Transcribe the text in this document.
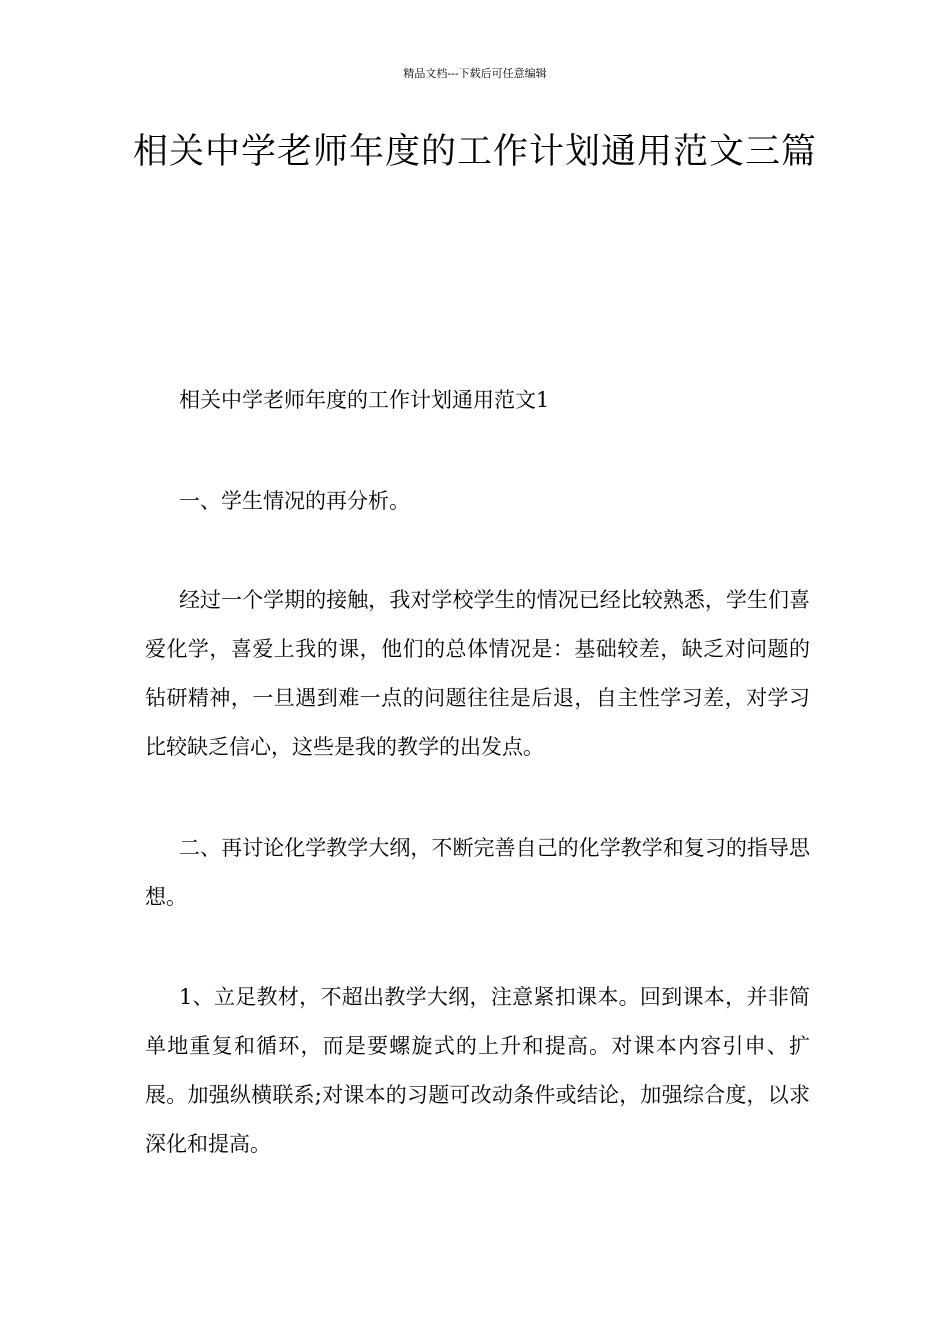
精品文档---下载后可任意编辑
相关中学老师年度的工作计划通用范文三篇

相关中学老师年度的工作计划通用范文1

一、学生情况的再分析。

经过一个学期的接触，我对学校学生的情况已经比较熟悉，学生们喜爱化学，喜爱上我的课，他们的总体情况是：基础较差，缺乏对问题的钻研精神，一旦遇到难一点的问题往往是后退，自主性学习差，对学习比较缺乏信心，这些是我的教学的出发点。

二、再讨论化学教学大纲，不断完善自己的化学教学和复习的指导思想。

1、立足教材，不超出教学大纲，注意紧扣课本。回到课本，并非简单地重复和循环，而是要螺旋式的上升和提高。对课本内容引申、扩展。加强纵横联系;对课本的习题可改动条件或结论，加强综合度，以求深化和提高。
